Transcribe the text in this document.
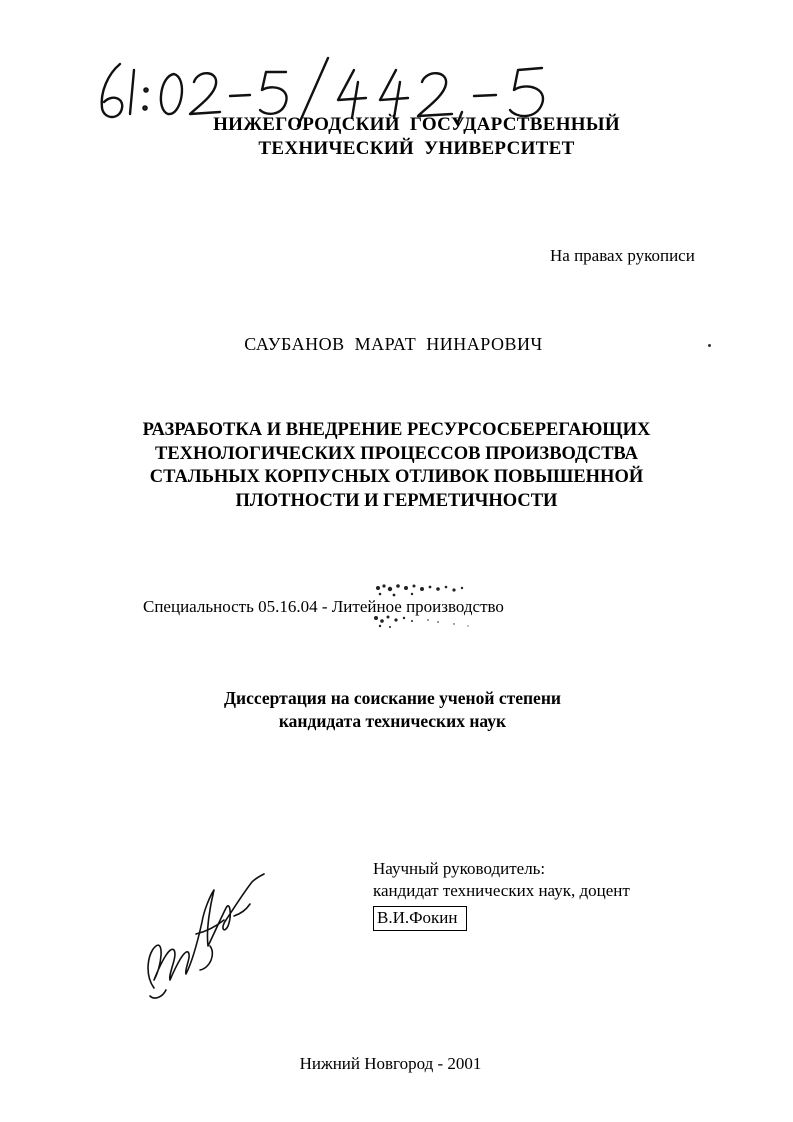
НИЖЕГОРОДСКИЙ  ГОСУДАРСТВЕННЫЙ
ТЕХНИЧЕСКИЙ  УНИВЕРСИТЕТ
На правах рукописи
САУБАНОВ  МАРАТ  НИНАРОВИЧ
РАЗРАБОТКА И ВНЕДРЕНИЕ РЕСУРСОСБЕРЕГАЮЩИХ
ТЕХНОЛОГИЧЕСКИХ ПРОЦЕССОВ ПРОИЗВОДСТВА
СТАЛЬНЫХ КОРПУСНЫХ ОТЛИВОК ПОВЫШЕННОЙ
ПЛОТНОСТИ И ГЕРМЕТИЧНОСТИ
Специальность 05.16.04 - Литейное производство
Диссертация на соискание ученой степени
кандидата технических наук
Научный руководитель:
кандидат технических наук, доцент
В.И.Фокин
Нижний Новгород - 2001
